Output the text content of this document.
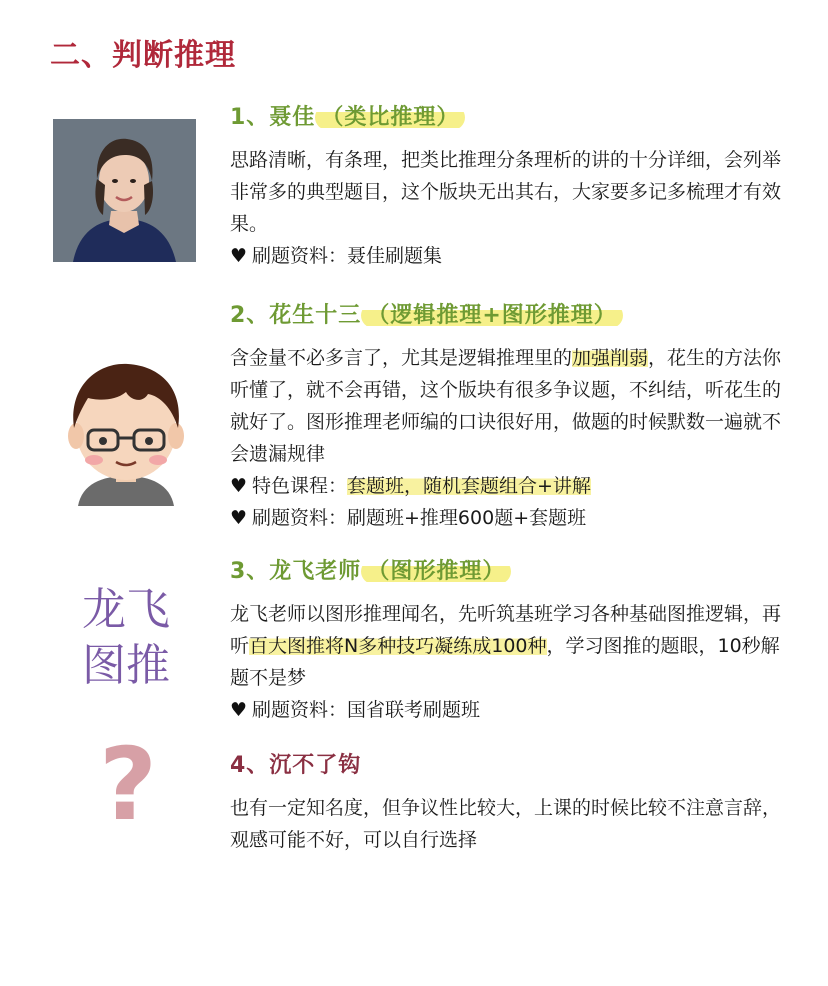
二、判断推理

1、聂佳 （类比推理）

思路清晰，有条理，把类比推理分条理析的讲的十分详细，会列举非常多的典型题目，这个版块无出其右，大家要多记多梳理才有效果。

♥ 刷题资料：聂佳刷题集

2、花生十三 （逻辑推理+图形推理）

含金量不必多言了，尤其是逻辑推理里的加强削弱，花生的方法你听懂了，就不会再错，这个版块有很多争议题，不纠结，听花生的就好了。图形推理老师编的口诀很好用，做题的时候默数一遍就不会遗漏规律

♥ 特色课程：套题班，随机套题组合+讲解

♥ 刷题资料：刷题班+推理600题+套题班

龙飞
图推

3、龙飞老师 （图形推理）

龙飞老师以图形推理闻名，先听筑基班学习各种基础图推逻辑，再听百大图推将N多种技巧凝练成100种，学习图推的题眼，10秒解题不是梦

♥ 刷题资料：国省联考刷题班

?	4、沉不了钩

也有一定知名度，但争议性比较大，上课的时候比较不注意言辞，观感可能不好，可以自行选择
